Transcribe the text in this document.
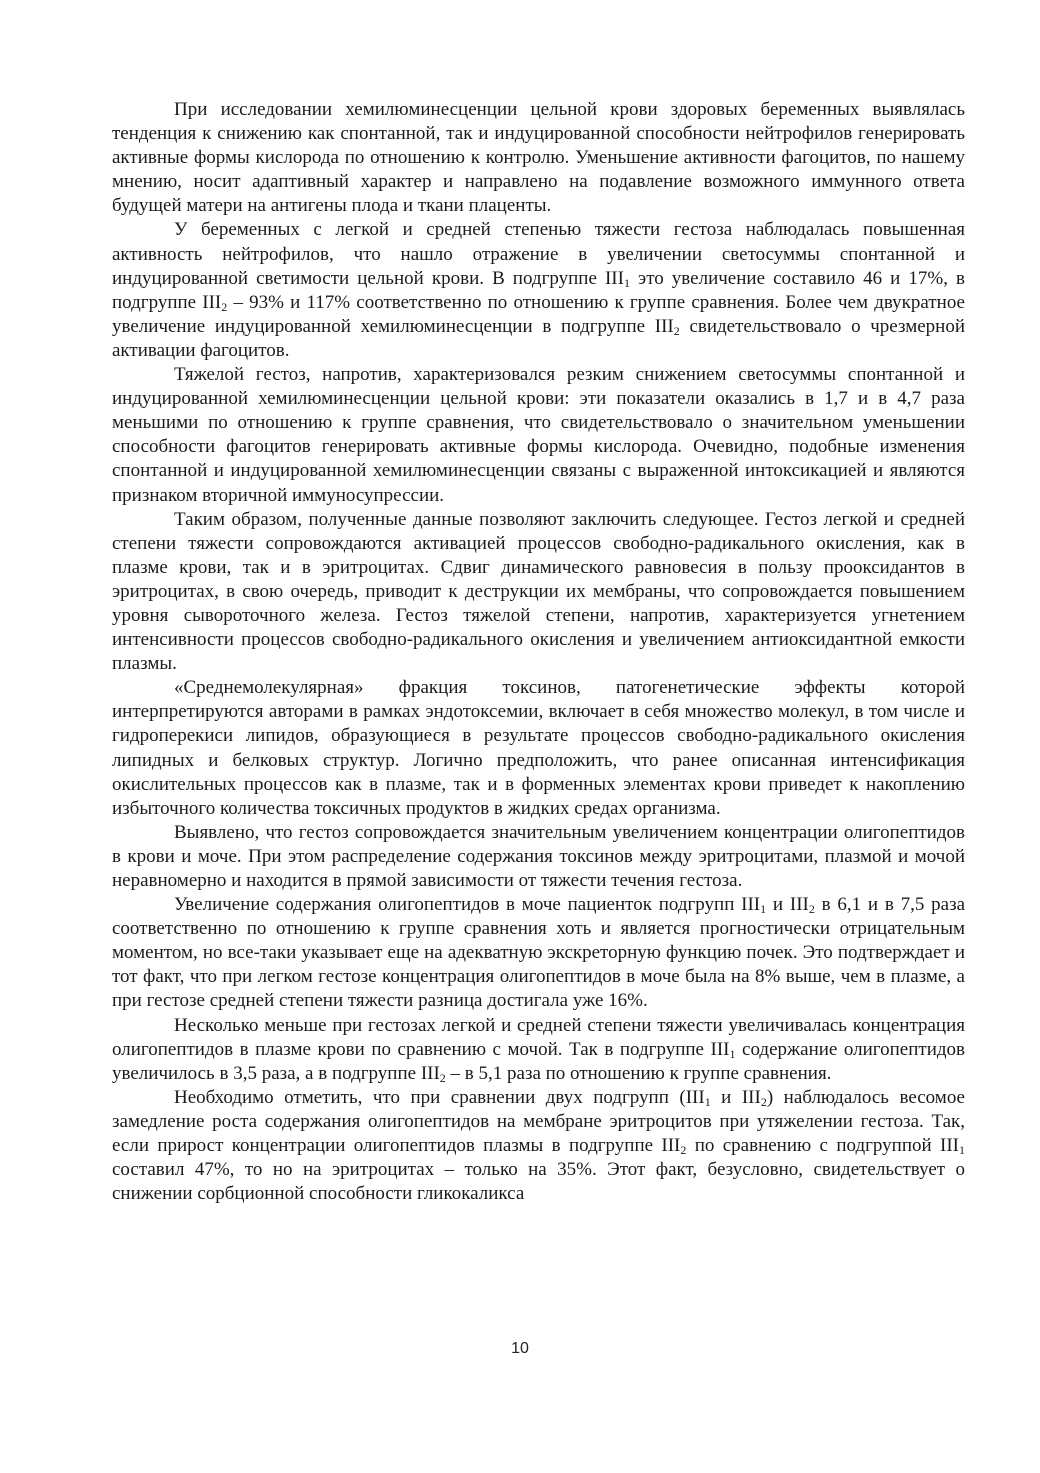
При исследовании хемилюминесценции цельной крови здоровых беременных выявлялась тенденция к снижению как спонтанной, так и индуцированной способности нейтрофилов генерировать активные формы кислорода по отношению к контролю. Уменьшение активности фагоцитов, по нашему мнению, носит адаптивный характер и направлено на подавление возможного иммунного ответа будущей матери на антигены плода и ткани плаценты.

У беременных с легкой и средней степенью тяжести гестоза наблюдалась повышенная активность нейтрофилов, что нашло отражение в увеличении светосуммы спонтанной и индуцированной светимости цельной крови. В подгруппе III1 это увеличение составило 46 и 17%, в подгруппе III2 – 93% и 117% соответственно по отношению к группе сравнения. Более чем двукратное увеличение индуцированной хемилюминесценции в подгруппе III2 свидетельствовало о чрезмерной активации фагоцитов.

Тяжелой гестоз, напротив, характеризовался резким снижением светосуммы спонтанной и индуцированной хемилюминесценции цельной крови: эти показатели оказались в 1,7 и в 4,7 раза меньшими по отношению к группе сравнения, что свидетельствовало о значительном уменьшении способности фагоцитов генерировать активные формы кислорода. Очевидно, подобные изменения спонтанной и индуцированной хемилюминесценции связаны с выраженной интоксикацией и являются признаком вторичной иммуносупрессии.

Таким образом, полученные данные позволяют заключить следующее. Гестоз легкой и средней степени тяжести сопровождаются активацией процессов свободно-радикального окисления, как в плазме крови, так и в эритроцитах. Сдвиг динамического равновесия в пользу прооксидантов в эритроцитах, в свою очередь, приводит к деструкции их мембраны, что сопровождается повышением уровня сывороточного железа. Гестоз тяжелой степени, напротив, характеризуется угнетением интенсивности процессов свободно-радикального окисления и увеличением антиоксидантной емкости плазмы.

«Среднемолекулярная» фракция токсинов, патогенетические эффекты которой интерпретируются авторами в рамках эндотоксемии, включает в себя множество молекул, в том числе и гидроперекиси липидов, образующиеся в результате процессов свободно-радикального окисления липидных и белковых структур. Логично предположить, что ранее описанная интенсификация окислительных процессов как в плазме, так и в форменных элементах крови приведет к накоплению избыточного количества токсичных продуктов в жидких средах организма.

Выявлено, что гестоз сопровождается значительным увеличением концентрации олигопептидов в крови и моче. При этом распределение содержания токсинов между эритроцитами, плазмой и мочой неравномерно и находится в прямой зависимости от тяжести течения гестоза.

Увеличение содержания олигопептидов в моче пациенток подгрупп III1 и III2 в 6,1 и в 7,5 раза соответственно по отношению к группе сравнения хоть и является прогностически отрицательным моментом, но все-таки указывает еще на адекватную экскреторную функцию почек. Это подтверждает и тот факт, что при легком гестозе концентрация олигопептидов в моче была на 8% выше, чем в плазме, а при гестозе средней степени тяжести разница достигала уже 16%.

Несколько меньше при гестозах легкой и средней степени тяжести увеличивалась концентрация олигопептидов в плазме крови по сравнению с мочой. Так в подгруппе III1 содержание олигопептидов увеличилось в 3,5 раза, а в подгруппе III2 – в 5,1 раза по отношению к группе сравнения.

Необходимо отметить, что при сравнении двух подгрупп (III1 и III2) наблюдалось весомое замедление роста содержания олигопептидов на мембране эритроцитов при утяжелении гестоза. Так, если прирост концентрации олигопептидов плазмы в подгруппе III2 по сравнению с подгруппой III1 составил 47%, то но на эритроцитах – только на 35%. Этот факт, безусловно, свидетельствует о снижении сорбционной способности гликокаликса

10
